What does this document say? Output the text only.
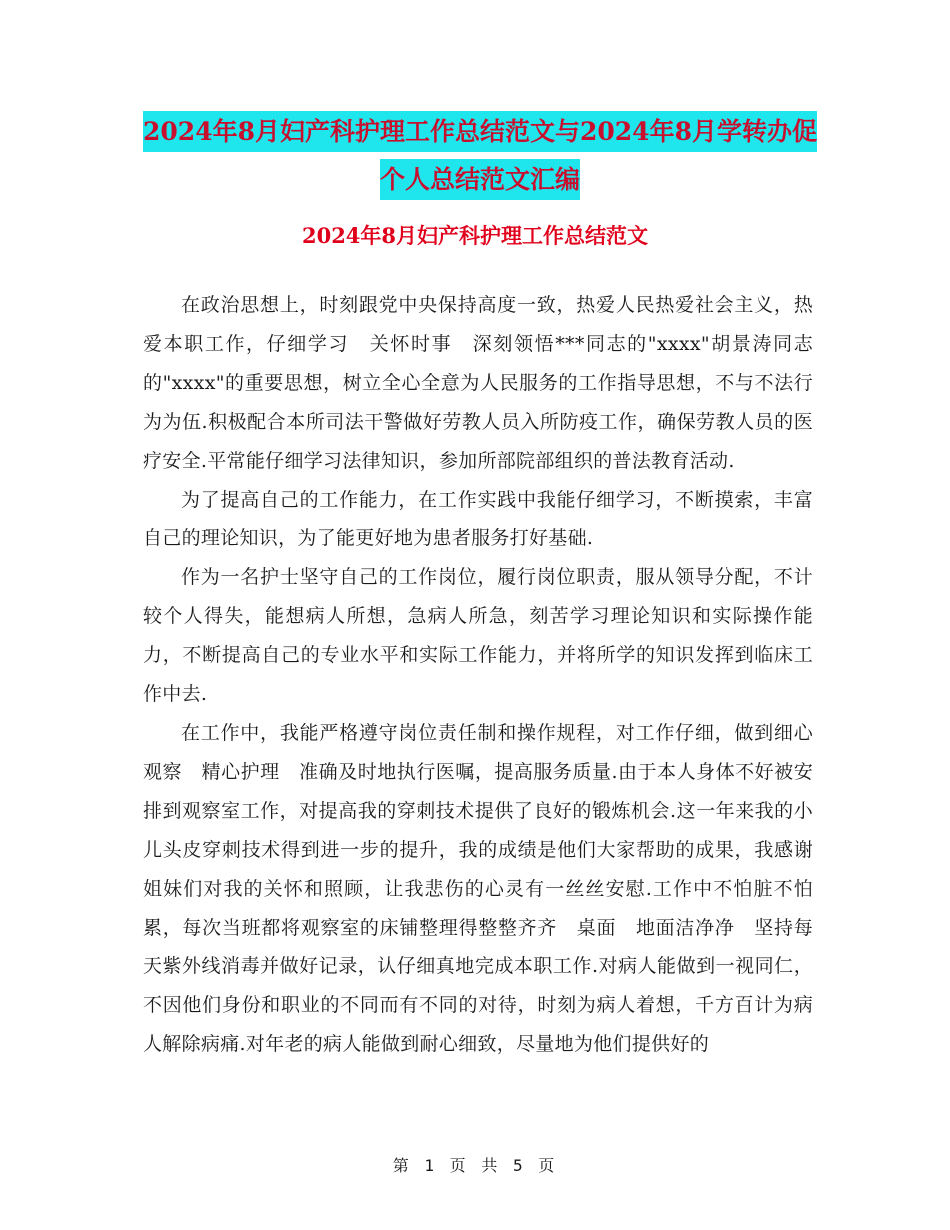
2024年8月妇产科护理工作总结范文与2024年8月学转办促个人总结范文汇编
2024年8月妇产科护理工作总结范文

在政治思想上，时刻跟党中央保持高度一致，热爱人民热爱社会主义，热爱本职工作，仔细学习　关怀时事　深刻领悟***同志的"xxxx"胡景涛同志的"xxxx"的重要思想，树立全心全意为人民服务的工作指导思想，不与不法行为为伍.积极配合本所司法干警做好劳教人员入所防疫工作，确保劳教人员的医疗安全.平常能仔细学习法律知识，参加所部院部组织的普法教育活动.

为了提高自己的工作能力，在工作实践中我能仔细学习，不断摸索，丰富自己的理论知识，为了能更好地为患者服务打好基础.

作为一名护士坚守自己的工作岗位，履行岗位职责，服从领导分配，不计较个人得失，能想病人所想，急病人所急，刻苦学习理论知识和实际操作能力，不断提高自己的专业水平和实际工作能力，并将所学的知识发挥到临床工作中去.

在工作中，我能严格遵守岗位责任制和操作规程，对工作仔细，做到细心观察　精心护理　准确及时地执行医嘱，提高服务质量.由于本人身体不好被安排到观察室工作，对提高我的穿刺技术提供了良好的锻炼机会.这一年来我的小儿头皮穿刺技术得到进一步的提升，我的成绩是他们大家帮助的成果，我感谢姐妹们对我的关怀和照顾，让我悲伤的心灵有一丝丝安慰.工作中不怕脏不怕累，每次当班都将观察室的床铺整理得整整齐齐　桌面　地面洁净净　坚持每天紫外线消毒并做好记录，认仔细真地完成本职工作.对病人能做到一视同仁，不因他们身份和职业的不同而有不同的对待，时刻为病人着想，千方百计为病人解除病痛.对年老的病人能做到耐心细致，尽量地为他们提供好的

第 1 页 共 5 页
